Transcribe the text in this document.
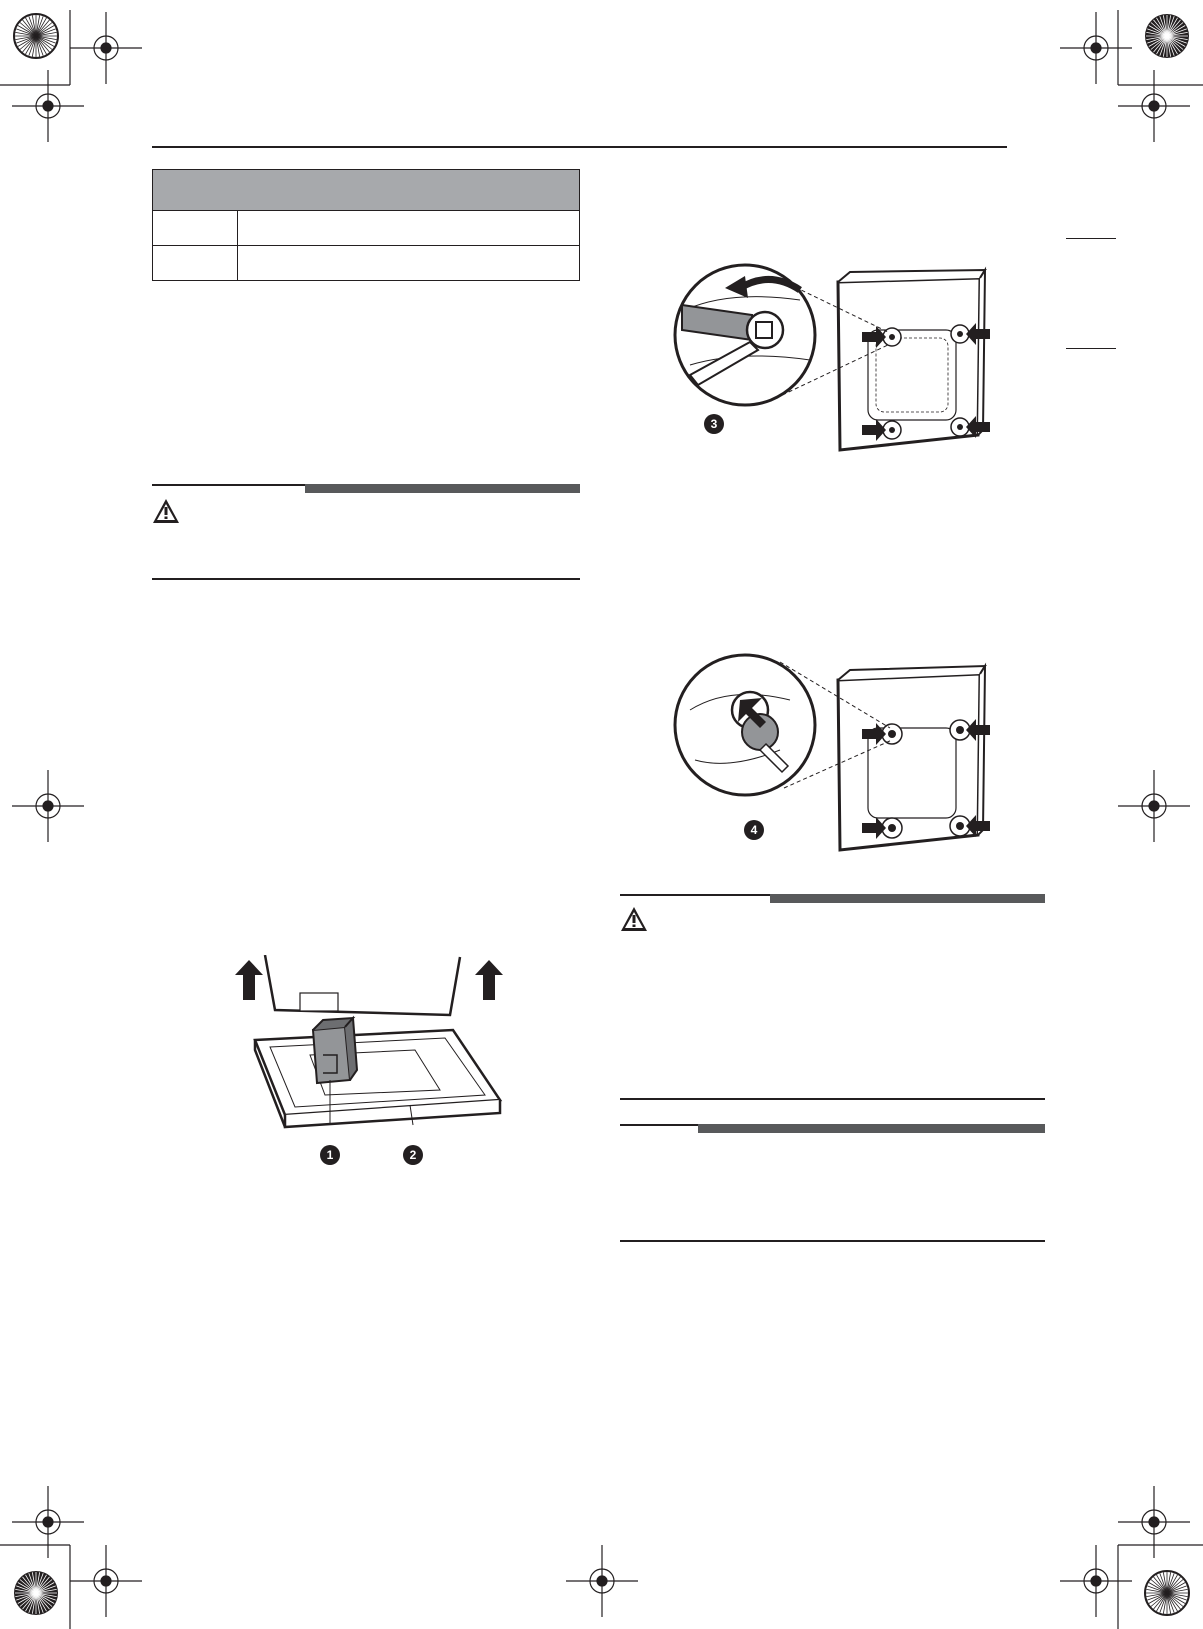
3
4
1	2
